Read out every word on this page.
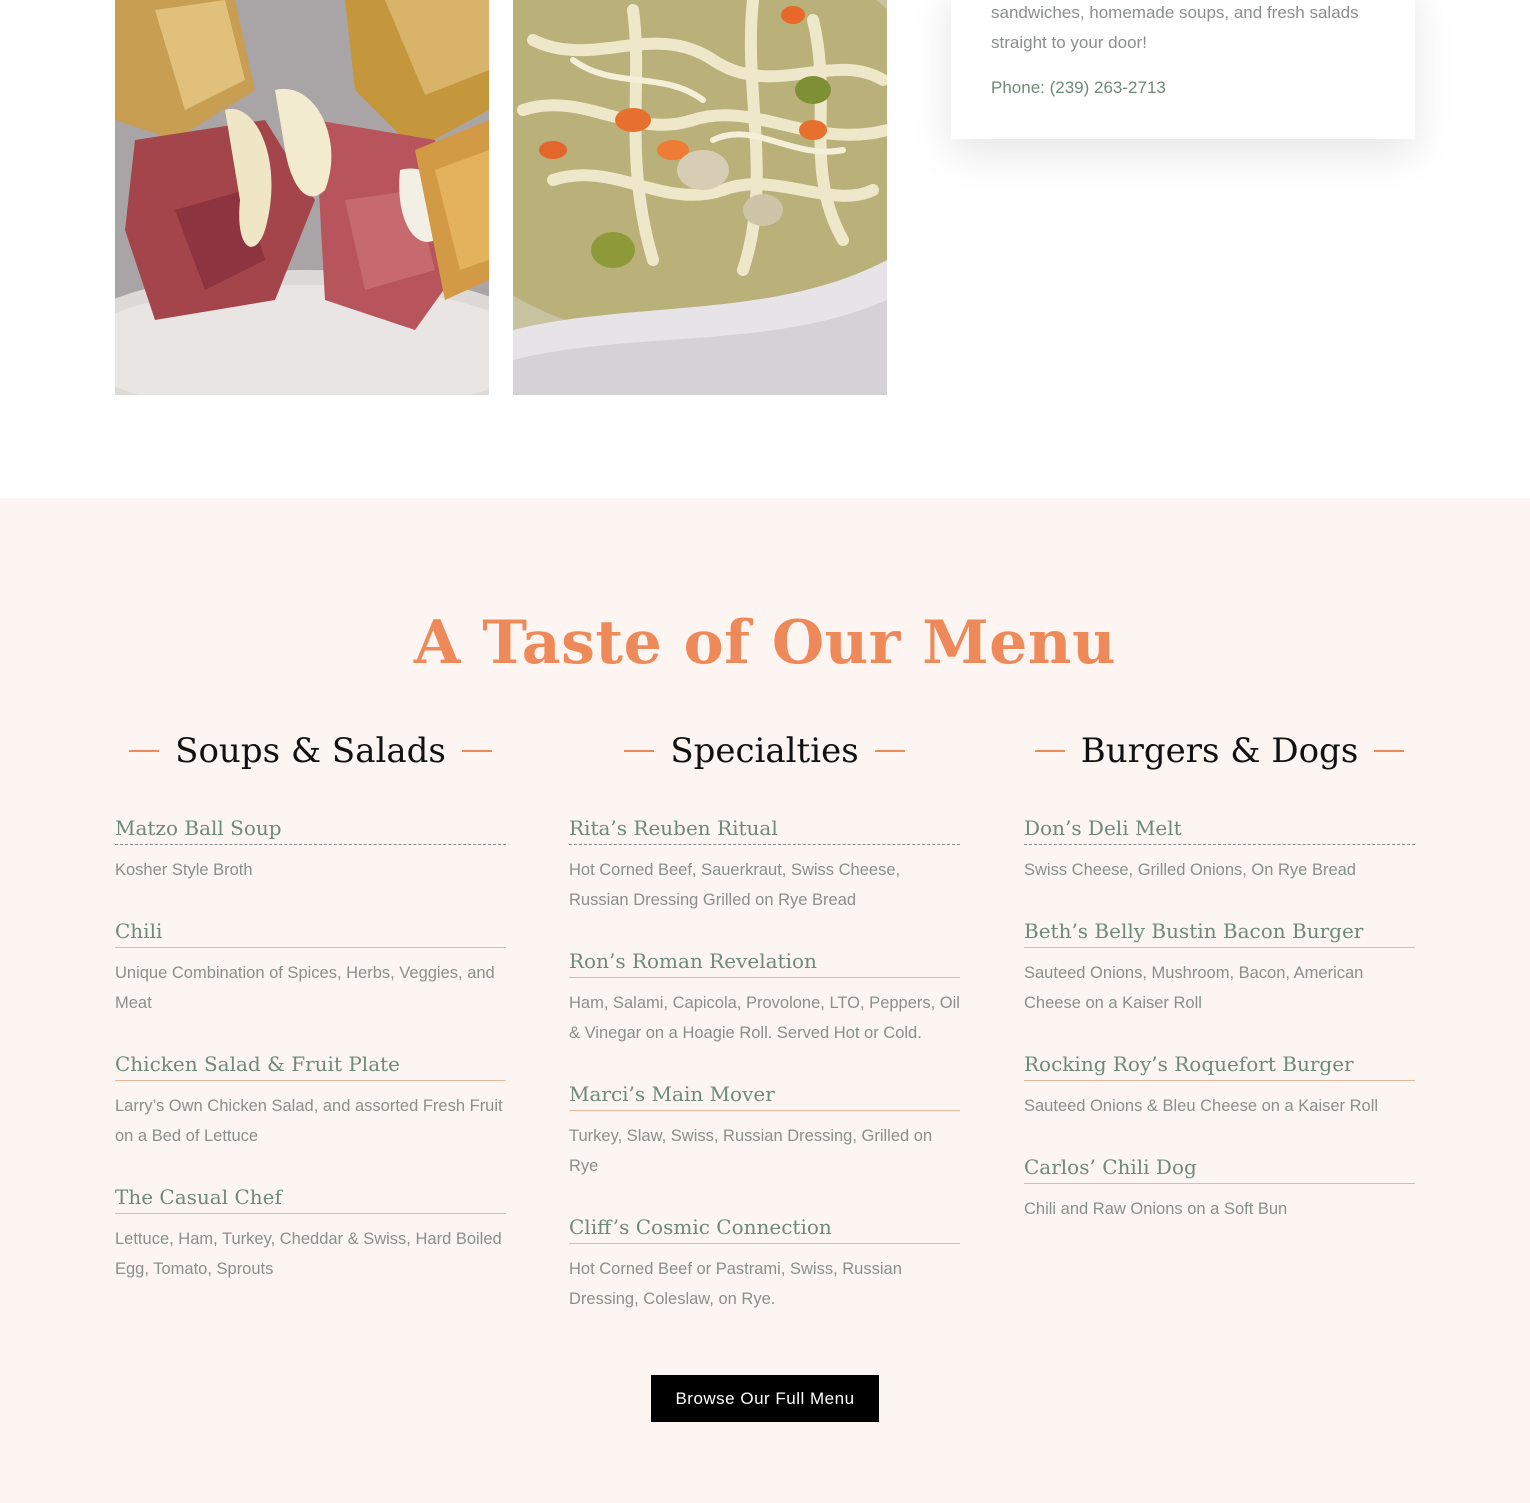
sandwiches, homemade soups, and fresh salads straight to your door!

Phone: (239) 263-2713

A Taste of Our Menu
Soups & Salads
Matzo Ball Soup
Kosher Style Broth
Chili
Unique Combination of Spices, Herbs, Veggies, and Meat
Chicken Salad & Fruit Plate
Larry’s Own Chicken Salad, and assorted Fresh Fruit on a Bed of Lettuce
The Casual Chef
Lettuce, Ham, Turkey, Cheddar & Swiss, Hard Boiled Egg, Tomato, Sprouts
Specialties
Rita’s Reuben Ritual
Hot Corned Beef, Sauerkraut, Swiss Cheese, Russian Dressing Grilled on Rye Bread
Ron’s Roman Revelation
Ham, Salami, Capicola, Provolone, LTO, Peppers, Oil & Vinegar on a Hoagie Roll. Served Hot or Cold.
Marci’s Main Mover
Turkey, Slaw, Swiss, Russian Dressing, Grilled on Rye
Cliff’s Cosmic Connection
Hot Corned Beef or Pastrami, Swiss, Russian Dressing, Coleslaw, on Rye.
Burgers & Dogs
Don’s Deli Melt
Swiss Cheese, Grilled Onions, On Rye Bread
Beth’s Belly Bustin Bacon Burger
Sauteed Onions, Mushroom, Bacon, American Cheese on a Kaiser Roll
Rocking Roy’s Roquefort Burger
Sauteed Onions & Bleu Cheese on a Kaiser Roll
Carlos’ Chili Dog
Chili and Raw Onions on a Soft Bun
Browse Our Full Menu
